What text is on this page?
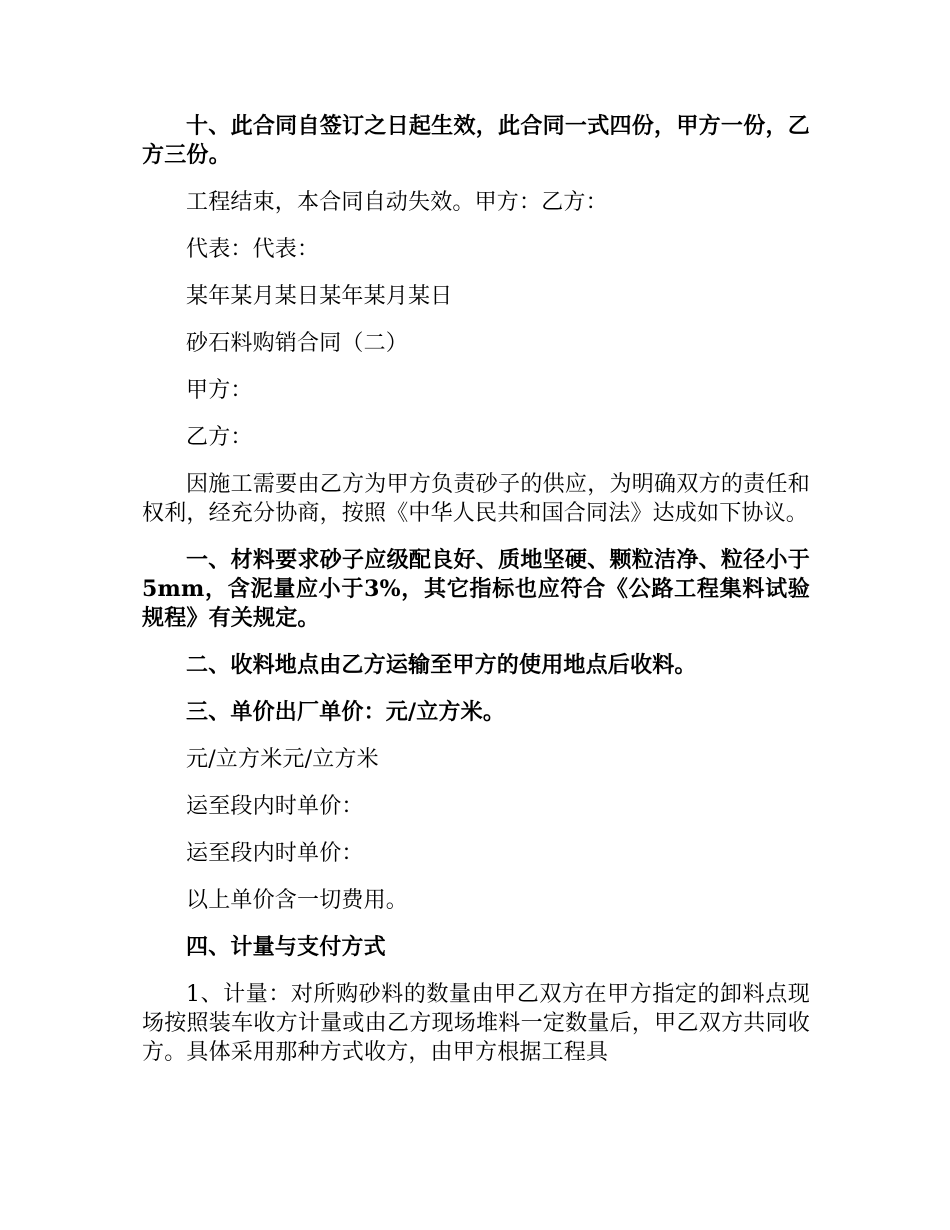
十、此合同自签订之日起生效，此合同一式四份，甲方一份，乙方三份。

工程结束，本合同自动失效。甲方：乙方：

代表：代表：

某年某月某日某年某月某日

砂石料购销合同（二）

甲方：

乙方：

因施工需要由乙方为甲方负责砂子的供应，为明确双方的责任和权利，经充分协商，按照《中华人民共和国合同法》达成如下协议。

一、材料要求砂子应级配良好、质地坚硬、颗粒洁净、粒径小于5mm，含泥量应小于3%，其它指标也应符合《公路工程集料试验规程》有关规定。

二、收料地点由乙方运输至甲方的使用地点后收料。

三、单价出厂单价：元/立方米。

元/立方米元/立方米

运至段内时单价：

运至段内时单价：

以上单价含一切费用。

四、计量与支付方式

1、计量：对所购砂料的数量由甲乙双方在甲方指定的卸料点现场按照装车收方计量或由乙方现场堆料一定数量后，甲乙双方共同收方。具体采用那种方式收方，由甲方根据工程具
